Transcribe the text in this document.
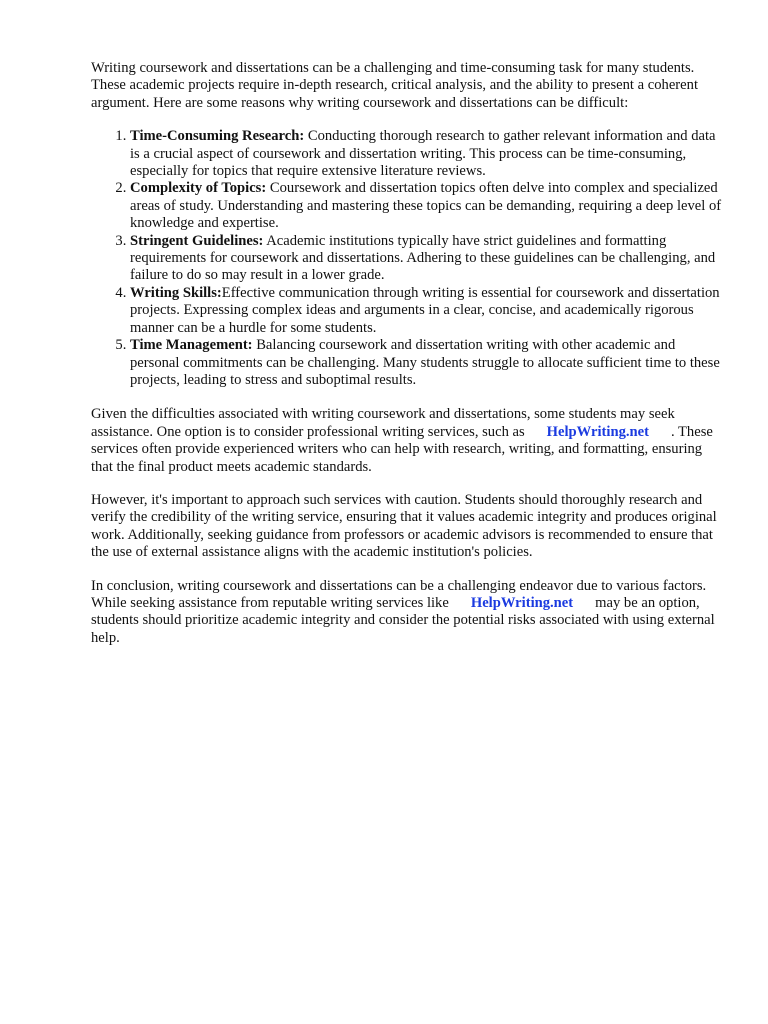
Writing coursework and dissertations can be a challenging and time-consuming task for many students. These academic projects require in-depth research, critical analysis, and the ability to present a coherent argument. Here are some reasons why writing coursework and dissertations can be difficult:

1. Time-Consuming Research: Conducting thorough research to gather relevant information and data is a crucial aspect of coursework and dissertation writing. This process can be time-consuming, especially for topics that require extensive literature reviews.
2. Complexity of Topics: Coursework and dissertation topics often delve into complex and specialized areas of study. Understanding and mastering these topics can be demanding, requiring a deep level of knowledge and expertise.
3. Stringent Guidelines: Academic institutions typically have strict guidelines and formatting requirements for coursework and dissertations. Adhering to these guidelines can be challenging, and failure to do so may result in a lower grade.
4. Writing Skills:Effective communication through writing is essential for coursework and dissertation projects. Expressing complex ideas and arguments in a clear, concise, and academically rigorous manner can be a hurdle for some students.
5. Time Management: Balancing coursework and dissertation writing with other academic and personal commitments can be challenging. Many students struggle to allocate sufficient time to these projects, leading to stress and suboptimal results.

Given the difficulties associated with writing coursework and dissertations, some students may seek assistance. One option is to consider professional writing services, such as HelpWriting.net . These services often provide experienced writers who can help with research, writing, and formatting, ensuring that the final product meets academic standards.

However, it's important to approach such services with caution. Students should thoroughly research and verify the credibility of the writing service, ensuring that it values academic integrity and produces original work. Additionally, seeking guidance from professors or academic advisors is recommended to ensure that the use of external assistance aligns with the academic institution's policies.

In conclusion, writing coursework and dissertations can be a challenging endeavor due to various factors. While seeking assistance from reputable writing services like HelpWriting.net may be an option, students should prioritize academic integrity and consider the potential risks associated with using external help.
